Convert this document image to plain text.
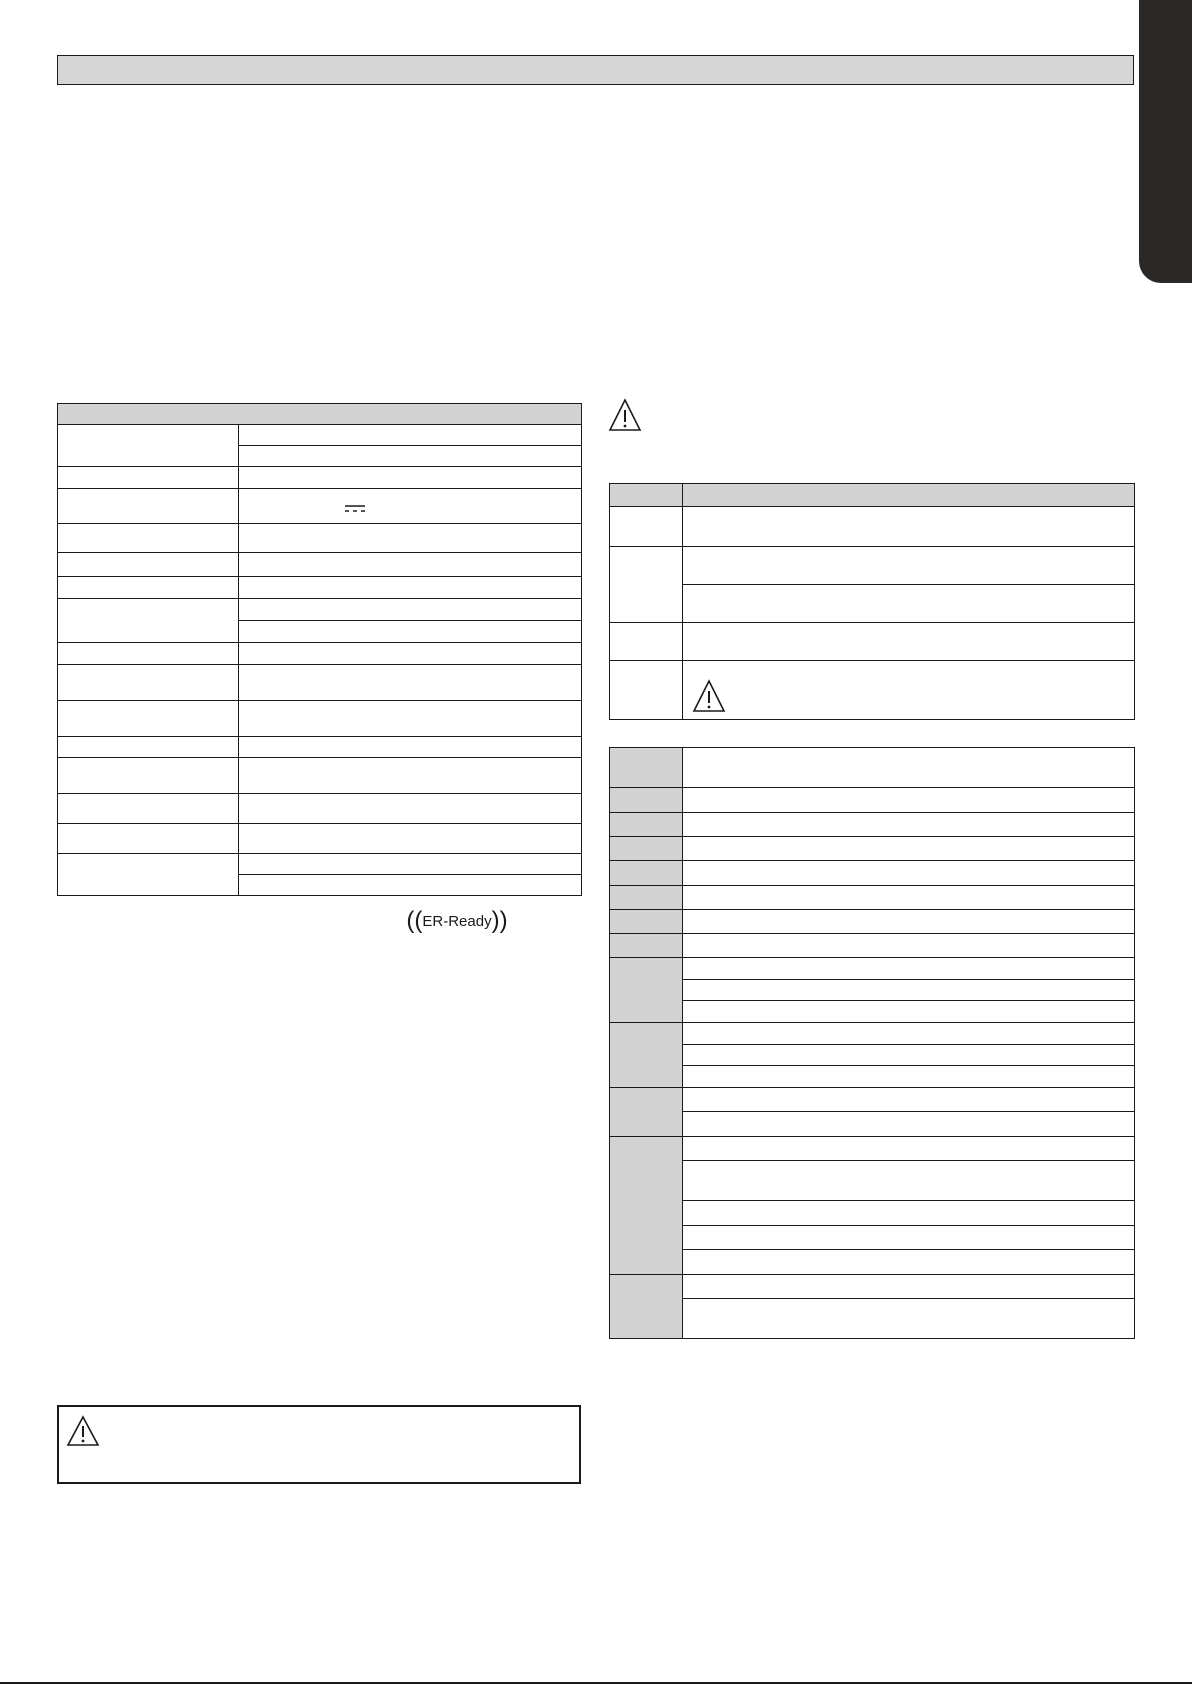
(( ER-Ready ))
